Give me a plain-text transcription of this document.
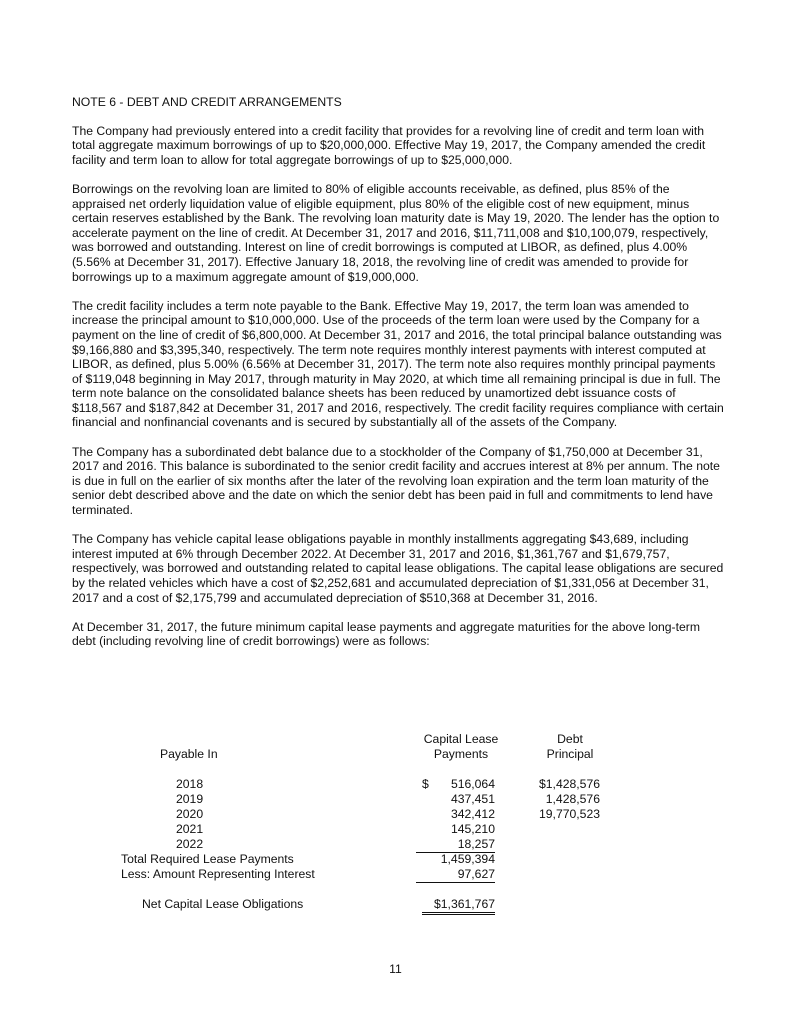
NOTE 6 - DEBT AND CREDIT ARRANGEMENTS

The Company had previously entered into a credit facility that provides for a revolving line of credit and term loan with total aggregate maximum borrowings of up to $20,000,000. Effective May 19, 2017, the Company amended the credit facility and term loan to allow for total aggregate borrowings of up to $25,000,000.

Borrowings on the revolving loan are limited to 80% of eligible accounts receivable, as defined, plus 85% of the appraised net orderly liquidation value of eligible equipment, plus 80% of the eligible cost of new equipment, minus certain reserves established by the Bank. The revolving loan maturity date is May 19, 2020. The lender has the option to accelerate payment on the line of credit. At December 31, 2017 and 2016, $11,711,008 and $10,100,079, respectively, was borrowed and outstanding. Interest on line of credit borrowings is computed at LIBOR, as defined, plus 4.00% (5.56% at December 31, 2017). Effective January 18, 2018, the revolving line of credit was amended to provide for borrowings up to a maximum aggregate amount of $19,000,000.

The credit facility includes a term note payable to the Bank. Effective May 19, 2017, the term loan was amended to increase the principal amount to $10,000,000. Use of the proceeds of the term loan were used by the Company for a payment on the line of credit of $6,800,000. At December 31, 2017 and 2016, the total principal balance outstanding was $9,166,880 and $3,395,340, respectively. The term note requires monthly interest payments with interest computed at LIBOR, as defined, plus 5.00% (6.56% at December 31, 2017). The term note also requires monthly principal payments of $119,048 beginning in May 2017, through maturity in May 2020, at which time all remaining principal is due in full. The term note balance on the consolidated balance sheets has been reduced by unamortized debt issuance costs of $118,567 and $187,842 at December 31, 2017 and 2016, respectively. The credit facility requires compliance with certain financial and nonfinancial covenants and is secured by substantially all of the assets of the Company.

The Company has a subordinated debt balance due to a stockholder of the Company of $1,750,000 at December 31, 2017 and 2016. This balance is subordinated to the senior credit facility and accrues interest at 8% per annum. The note is due in full on the earlier of six months after the later of the revolving loan expiration and the term loan maturity of the senior debt described above and the date on which the senior debt has been paid in full and commitments to lend have terminated.

The Company has vehicle capital lease obligations payable in monthly installments aggregating $43,689, including interest imputed at 6% through December 2022. At December 31, 2017 and 2016, $1,361,767 and $1,679,757, respectively, was borrowed and outstanding related to capital lease obligations. The capital lease obligations are secured by the related vehicles which have a cost of $2,252,681 and accumulated depreciation of $1,331,056 at December 31, 2017 and a cost of $2,175,799 and accumulated depreciation of $510,368 at December 31, 2016.

At December 31, 2017, the future minimum capital lease payments and aggregate maturities for the above long-term debt (including revolving line of credit borrowings) were as follows:

Payable In
Capital Lease
Payments
Debt
Principal
2018	$	516,064	$1,428,576
2019	437,451	1,428,576
2020	342,412	19,770,523
2021	145,210
2022	18,257
Total Required Lease Payments	1,459,394
Less: Amount Representing Interest	97,627
Net Capital Lease Obligations	$1,361,767
11
